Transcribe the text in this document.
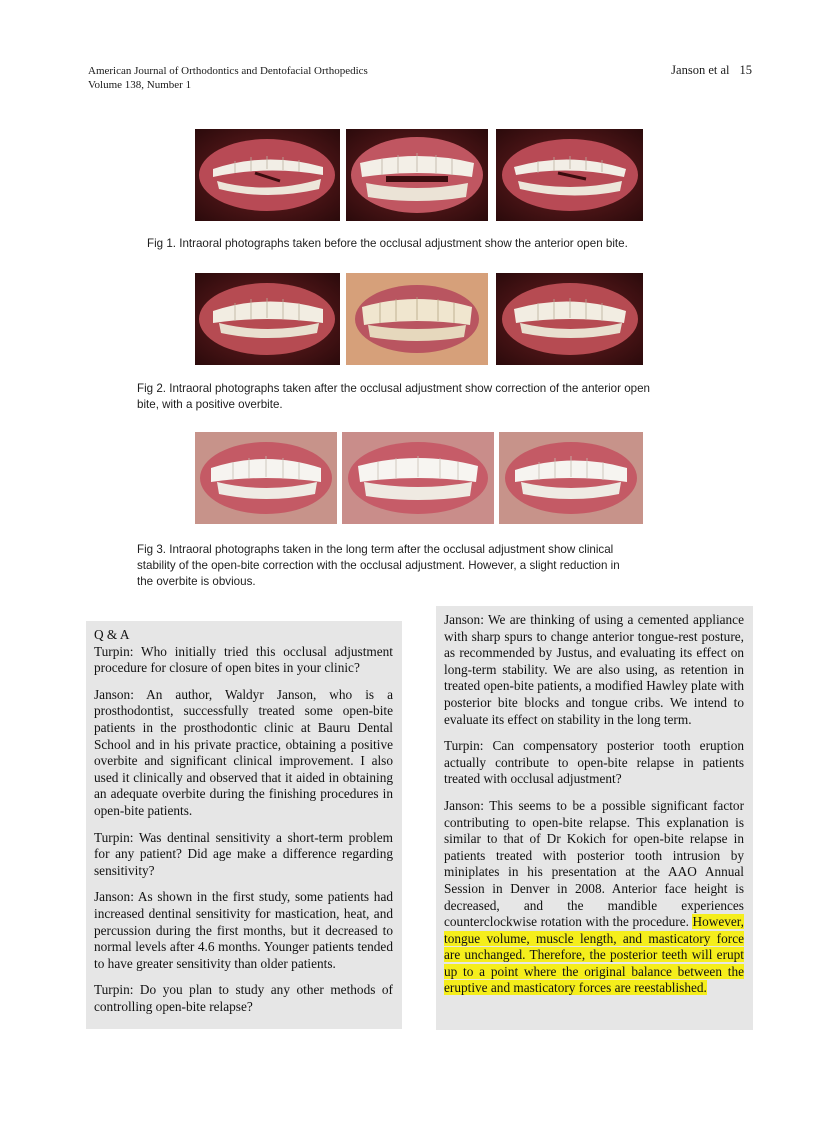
American Journal of Orthodontics and Dentofacial Orthopedics
Volume 138, Number 1
Janson et al 15
Fig 1. Intraoral photographs taken before the occlusal adjustment show the anterior open bite.
Fig 2. Intraoral photographs taken after the occlusal adjustment show correction of the anterior open
bite, with a positive overbite.
Fig 3. Intraoral photographs taken in the long term after the occlusal adjustment show clinical
stability of the open-bite correction with the occlusal adjustment. However, a slight reduction in
the overbite is obvious.

Q & A

Turpin: Who initially tried this occlusal adjustment procedure for closure of open bites in your clinic?

Janson: An author, Waldyr Janson, who is a prosthodontist, successfully treated some open-bite patients in the prosthodontic clinic at Bauru Dental School and in his private practice, obtaining a positive overbite and significant clinical improvement. I also used it clinically and observed that it aided in obtaining an adequate overbite during the finishing procedures in open-bite patients.

Turpin: Was dentinal sensitivity a short-term problem for any patient? Did age make a difference regarding sensitivity?

Janson: As shown in the first study, some patients had increased dentinal sensitivity for mastication, heat, and percussion during the first months, but it decreased to normal levels after 4.6 months. Younger patients tended to have greater sensitivity than older patients.

Turpin: Do you plan to study any other methods of controlling open-bite relapse?

Janson: We are thinking of using a cemented appliance with sharp spurs to change anterior tongue-rest posture, as recommended by Justus, and evaluating its effect on long-term stability. We are also using, as retention in treated open-bite patients, a modified Hawley plate with posterior bite blocks and tongue cribs. We intend to evaluate its effect on stability in the long term.

Turpin: Can compensatory posterior tooth eruption actually contribute to open-bite relapse in patients treated with occlusal adjustment?

Janson: This seems to be a possible significant factor contributing to open-bite relapse. This explanation is similar to that of Dr Kokich for open-bite relapse in patients treated with posterior tooth intrusion by miniplates in his presentation at the AAO Annual Session in Denver in 2008. Anterior face height is decreased, and the mandible experiences counterclockwise rotation with the procedure. However, tongue volume, muscle length, and masticatory force are unchanged. Therefore, the posterior teeth will erupt up to a point where the original balance between the eruptive and masticatory forces are reestablished.
